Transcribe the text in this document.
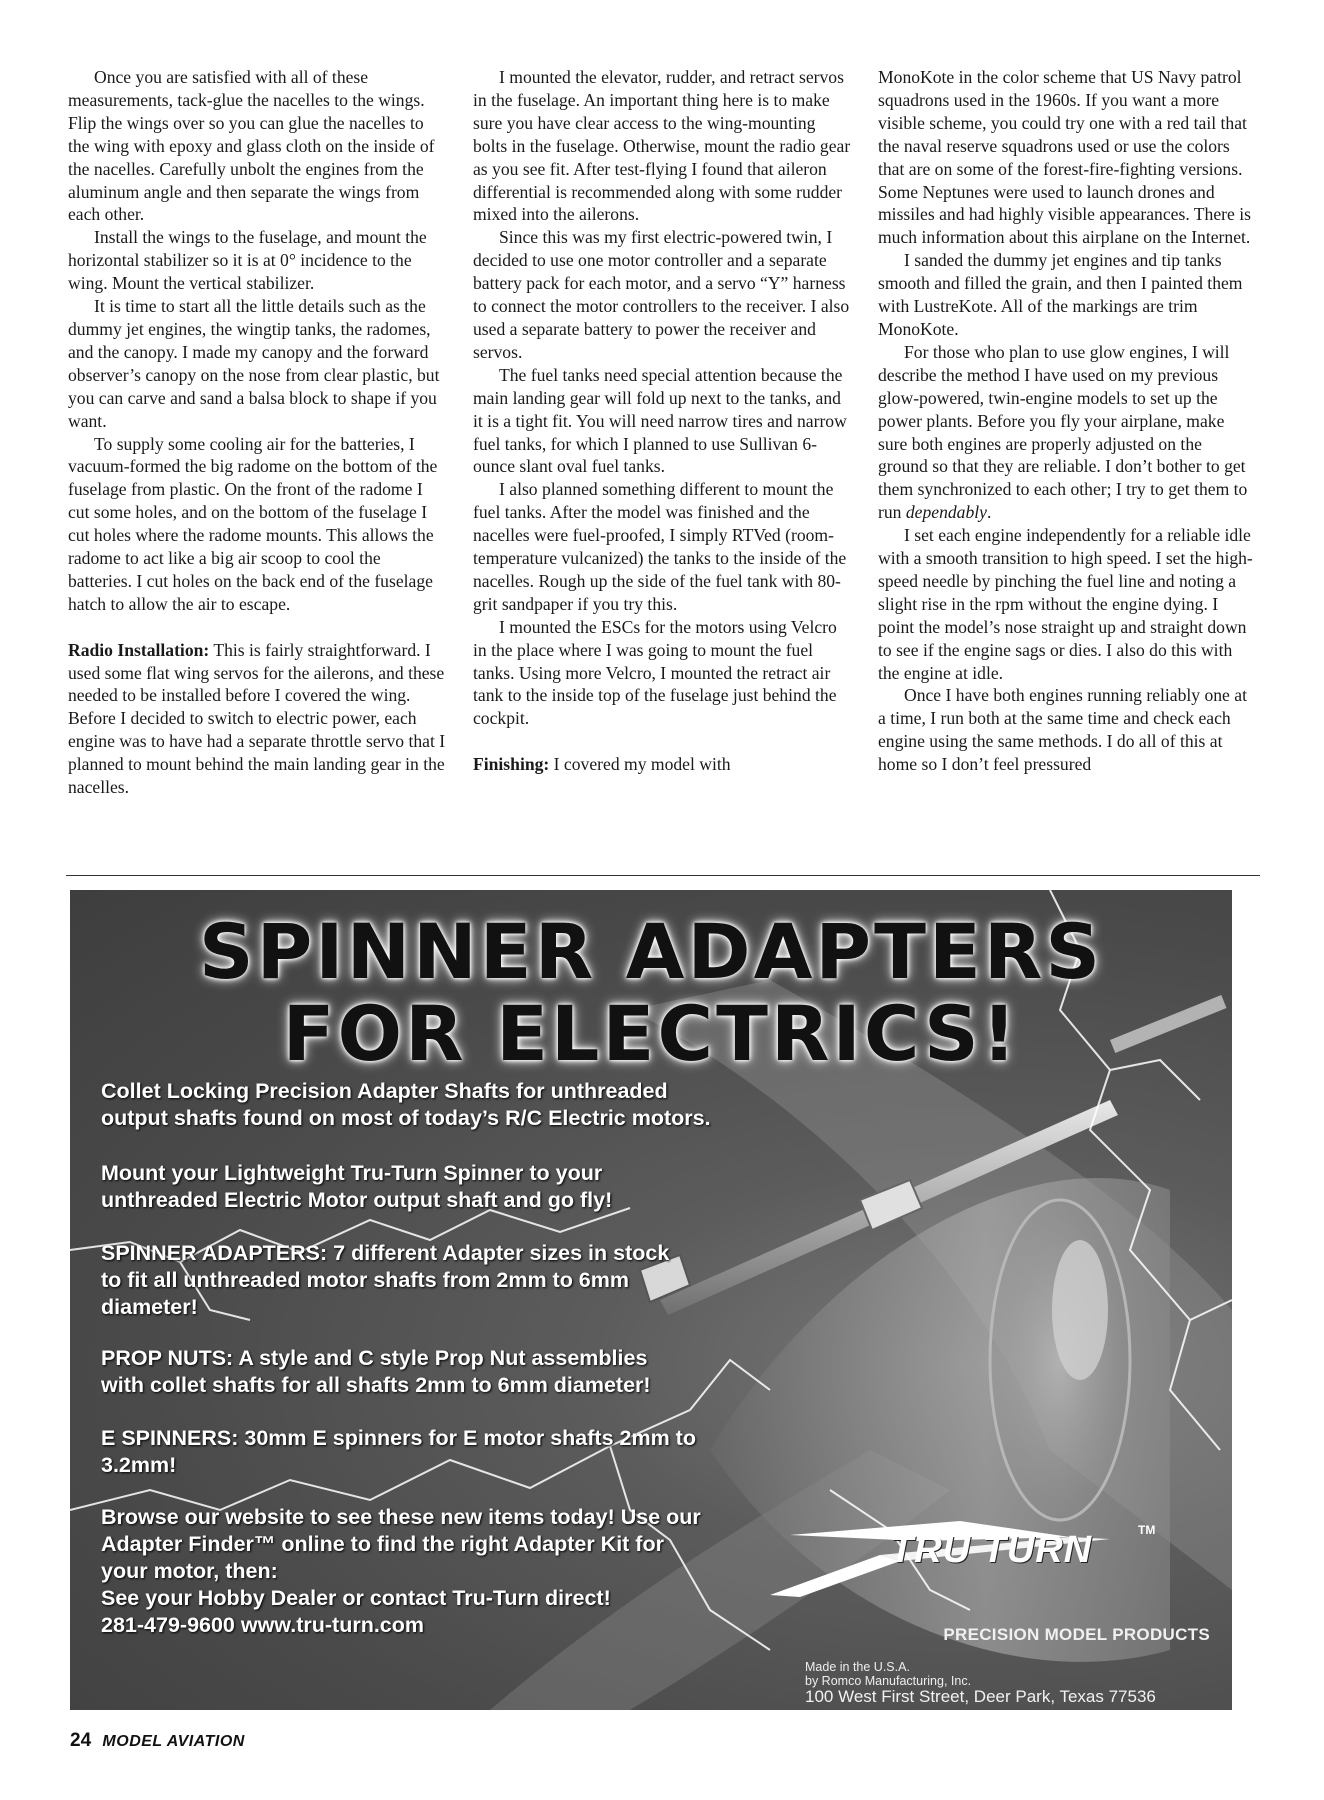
Once you are satisfied with all of these measurements, tack-glue the nacelles to the wings. Flip the wings over so you can glue the nacelles to the wing with epoxy and glass cloth on the inside of the nacelles. Carefully unbolt the engines from the aluminum angle and then separate the wings from each other.

Install the wings to the fuselage, and mount the horizontal stabilizer so it is at 0° incidence to the wing. Mount the vertical stabilizer.

It is time to start all the little details such as the dummy jet engines, the wingtip tanks, the radomes, and the canopy. I made my canopy and the forward observer’s canopy on the nose from clear plastic, but you can carve and sand a balsa block to shape if you want.

To supply some cooling air for the batteries, I vacuum-formed the big radome on the bottom of the fuselage from plastic. On the front of the radome I cut some holes, and on the bottom of the fuselage I cut holes where the radome mounts. This allows the radome to act like a big air scoop to cool the batteries. I cut holes on the back end of the fuselage hatch to allow the air to escape.

Radio Installation: This is fairly straightforward. I used some flat wing servos for the ailerons, and these needed to be installed before I covered the wing. Before I decided to switch to electric power, each engine was to have had a separate throttle servo that I planned to mount behind the main landing gear in the nacelles.

I mounted the elevator, rudder, and retract servos in the fuselage. An important thing here is to make sure you have clear access to the wing-mounting bolts in the fuselage. Otherwise, mount the radio gear as you see fit. After test-flying I found that aileron differential is recommended along with some rudder mixed into the ailerons.

Since this was my first electric-powered twin, I decided to use one motor controller and a separate battery pack for each motor, and a servo “Y” harness to connect the motor controllers to the receiver. I also used a separate battery to power the receiver and servos.

The fuel tanks need special attention because the main landing gear will fold up next to the tanks, and it is a tight fit. You will need narrow tires and narrow fuel tanks, for which I planned to use Sullivan 6-ounce slant oval fuel tanks.

I also planned something different to mount the fuel tanks. After the model was finished and the nacelles were fuel-proofed, I simply RTVed (room-temperature vulcanized) the tanks to the inside of the nacelles. Rough up the side of the fuel tank with 80-grit sandpaper if you try this.

I mounted the ESCs for the motors using Velcro in the place where I was going to mount the fuel tanks. Using more Velcro, I mounted the retract air tank to the inside top of the fuselage just behind the cockpit.

Finishing: I covered my model with

MonoKote in the color scheme that US Navy patrol squadrons used in the 1960s. If you want a more visible scheme, you could try one with a red tail that the naval reserve squadrons used or use the colors that are on some of the forest-fire-fighting versions. Some Neptunes were used to launch drones and missiles and had highly visible appearances. There is much information about this airplane on the Internet.

I sanded the dummy jet engines and tip tanks smooth and filled the grain, and then I painted them with LustreKote. All of the markings are trim MonoKote.

For those who plan to use glow engines, I will describe the method I have used on my previous glow-powered, twin-engine models to set up the power plants. Before you fly your airplane, make sure both engines are properly adjusted on the ground so that they are reliable. I don’t bother to get them synchronized to each other; I try to get them to run dependably.

I set each engine independently for a reliable idle with a smooth transition to high speed. I set the high-speed needle by pinching the fuel line and noting a slight rise in the rpm without the engine dying. I point the model’s nose straight up and straight down to see if the engine sags or dies. I also do this with the engine at idle.

Once I have both engines running reliably one at a time, I run both at the same time and check each engine using the same methods. I do all of this at home so I don’t feel pressured

SPINNER ADAPTERS

FOR ELECTRICS!

Collet Locking Precision Adapter Shafts for unthreaded
output shafts found on most of today’s R/C Electric motors.

Mount your Lightweight Tru-Turn Spinner to your
unthreaded Electric Motor output shaft and go fly!

SPINNER ADAPTERS: 7 different Adapter sizes in stock
to fit all unthreaded motor shafts from 2mm to 6mm
diameter!

PROP NUTS: A style and C style Prop Nut assemblies
with collet shafts for all shafts 2mm to 6mm diameter!

E SPINNERS: 30mm E spinners for E motor shafts 2mm to
3.2mm!

Browse our website to see these new items today! Use our
Adapter Finder™ online to find the right Adapter Kit for
your motor, then:
See your Hobby Dealer or contact Tru-Turn direct!
281-479-9600 www.tru-turn.com

TRU TURN	TM
PRECISION MODEL PRODUCTS

Made in the U.S.A.
by Romco Manufacturing, Inc.

100 West First Street, Deer Park, Texas 77536

24 MODEL AVIATION
